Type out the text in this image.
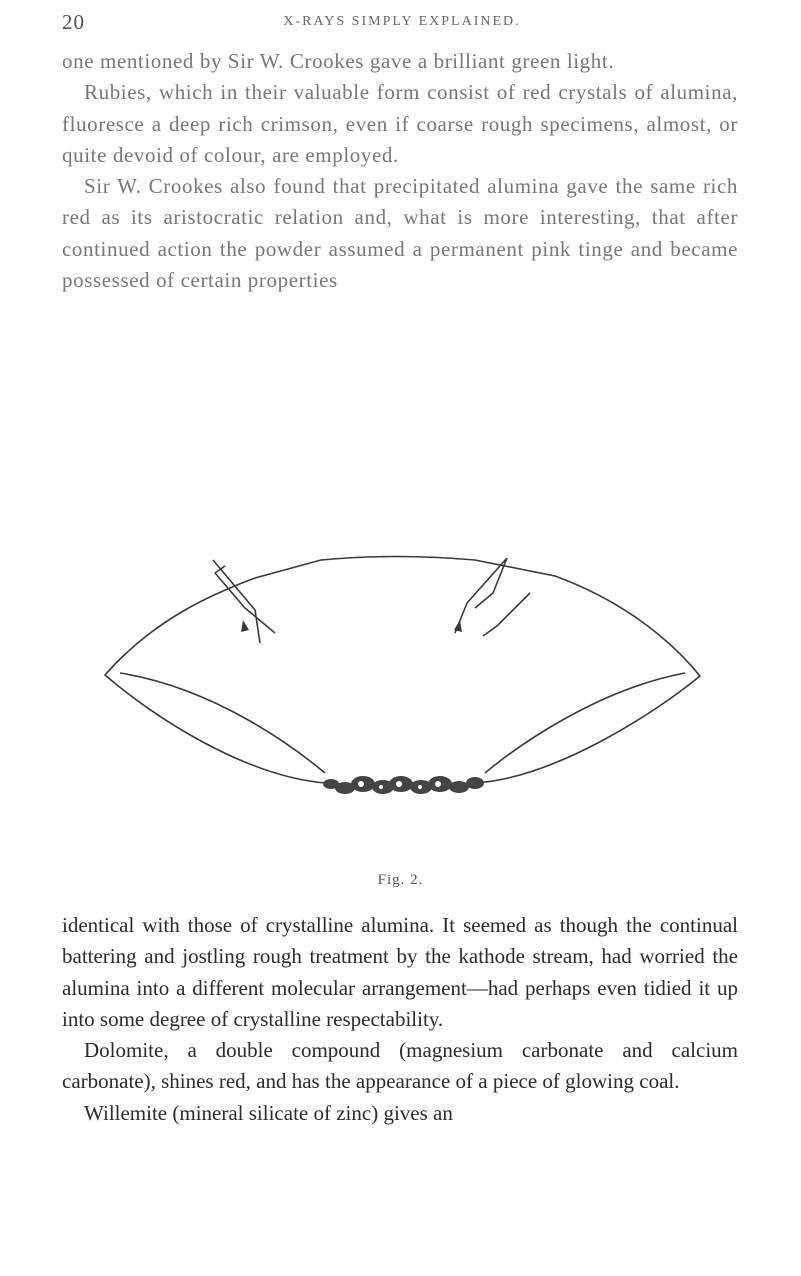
20	X-RAYS SIMPLY EXPLAINED.

one mentioned by Sir W. Crookes gave a brilliant green light.

Rubies, which in their valuable form consist of red crystals of alumina, fluoresce a deep rich crimson, even if coarse rough specimens, almost, or quite devoid of colour, are employed.

Sir W. Crookes also found that precipitated alumina gave the same rich red as its aristocratic relation and, what is more interesting, that after continued action the powder assumed a permanent pink tinge and became possessed of certain properties

Fig. 2.

identical with those of crystalline alumina. It seemed as though the continual battering and jostling rough treatment by the kathode stream, had worried the alumina into a different molecular arrangement—had perhaps even tidied it up into some degree of crystalline respectability.

Dolomite, a double compound (magnesium carbonate and calcium carbonate), shines red, and has the appearance of a piece of glowing coal.

Willemite (mineral silicate of zinc) gives an
